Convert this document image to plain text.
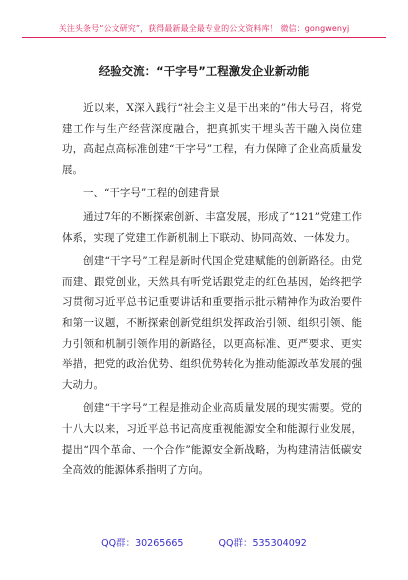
关注头条号“公文研究”，获得最新最全最专业的公文资料库！ 微信：gongwenyj
经验交流：“干字号”工程激发企业新动能

近以来，X深入践行“社会主义是干出来的”伟大号召，将党建工作与生产经营深度融合，把真抓实干埋头苦干融入岗位建功，高起点高标准创建“干字号”工程，有力保障了企业高质量发展。

一、“干字号”工程的创建背景

通过7年的不断探索创新、丰富发展，形成了“121”党建工作体系，实现了党建工作新机制上下联动、协同高效、一体发力。

创建“干字号”工程是新时代国企党建赋能的创新路径。由党而建、跟党创业，天然具有听党话跟党走的红色基因，始终把学习贯彻习近平总书记重要讲话和重要指示批示精神作为政治要件和第一议题，不断探索创新党组织发挥政治引领、组织引领、能力引领和机制引领作用的新路径，以更高标准、更严要求、更实举措，把党的政治优势、组织优势转化为推动能源改革发展的强大动力。

创建“干字号”工程是推动企业高质量发展的现实需要。党的十八大以来，习近平总书记高度重视能源安全和能源行业发展，提出“四个革命、一个合作”能源安全新战略，为构建清洁低碳安全高效的能源体系指明了方向。

QQ群：30265665	QQ群：535304092
